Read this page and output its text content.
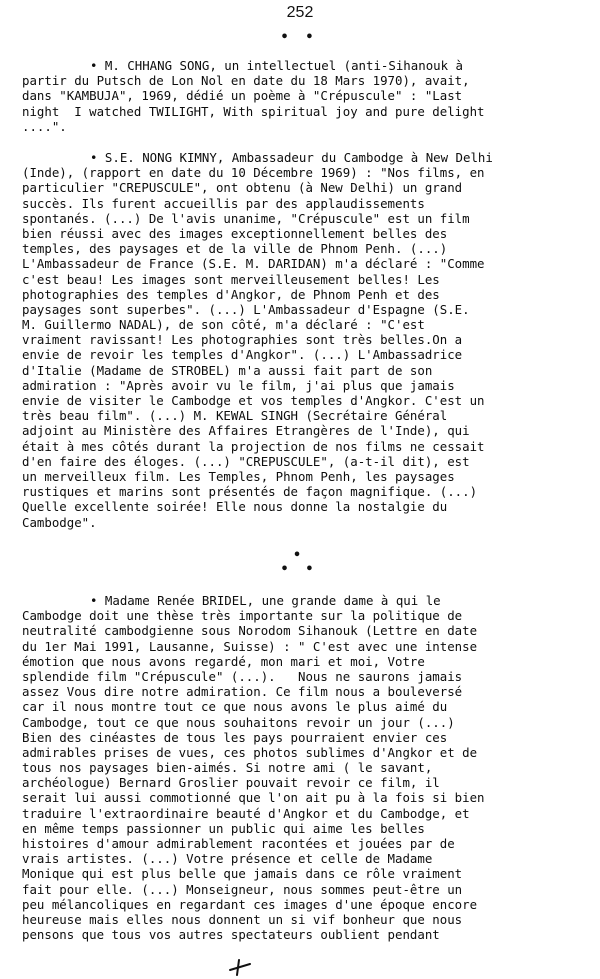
252
• •
• M. CHHANG SONG, un intellectuel (anti-Sihanouk à
partir du Putsch de Lon Nol en date du 18 Mars 1970), avait,
dans "KAMBUJA", 1969, dédié un poème à "Crépuscule" : "Last
night  I watched TWILIGHT, With spiritual joy and pure delight
....".
• S.E. NONG KIMNY, Ambassadeur du Cambodge à New Delhi
(Inde), (rapport en date du 10 Décembre 1969) : "Nos films, en
particulier "CREPUSCULE", ont obtenu (à New Delhi) un grand
succès. Ils furent accueillis par des applaudissements
spontanés. (...) De l'avis unanime, "Crépuscule" est un film
bien réussi avec des images exceptionnellement belles des
temples, des paysages et de la ville de Phnom Penh. (...)
L'Ambassadeur de France (S.E. M. DARIDAN) m'a déclaré : "Comme
c'est beau! Les images sont merveilleusement belles! Les
photographies des temples d'Angkor, de Phnom Penh et des
paysages sont superbes". (...) L'Ambassadeur d'Espagne (S.E.
M. Guillermo NADAL), de son côté, m'a déclaré : "C'est
vraiment ravissant! Les photographies sont très belles.On a
envie de revoir les temples d'Angkor". (...) L'Ambassadrice
d'Italie (Madame de STROBEL) m'a aussi fait part de son
admiration : "Après avoir vu le film, j'ai plus que jamais
envie de visiter le Cambodge et vos temples d'Angkor. C'est un
très beau film". (...) M. KEWAL SINGH (Secrétaire Général
adjoint au Ministère des Affaires Etrangères de l'Inde), qui
était à mes côtés durant la projection de nos films ne cessait
d'en faire des éloges. (...) "CREPUSCULE", (a-t-il dit), est
un merveilleux film. Les Temples, Phnom Penh, les paysages
rustiques et marins sont présentés de façon magnifique. (...)
Quelle excellente soirée! Elle nous donne la nostalgie du
Cambodge".
•
• •
• Madame Renée BRIDEL, une grande dame à qui le
Cambodge doit une thèse très importante sur la politique de
neutralité cambodgienne sous Norodom Sihanouk (Lettre en date
du 1er Mai 1991, Lausanne, Suisse) : " C'est avec une intense
émotion que nous avons regardé, mon mari et moi, Votre
splendide film "Crépuscule" (...).   Nous ne saurons jamais
assez Vous dire notre admiration. Ce film nous a bouleversé
car il nous montre tout ce que nous avons le plus aimé du
Cambodge, tout ce que nous souhaitons revoir un jour (...)
Bien des cinéastes de tous les pays pourraient envier ces
admirables prises de vues, ces photos sublimes d'Angkor et de
tous nos paysages bien-aimés. Si notre ami ( le savant,
archéologue) Bernard Groslier pouvait revoir ce film, il
serait lui aussi commotionné que l'on ait pu à la fois si bien
traduire l'extraordinaire beauté d'Angkor et du Cambodge, et
en même temps passionner un public qui aime les belles
histoires d'amour admirablement racontées et jouées par de
vrais artistes. (...) Votre présence et celle de Madame
Monique qui est plus belle que jamais dans ce rôle vraiment
fait pour elle. (...) Monseigneur, nous sommes peut-être un
peu mélancoliques en regardant ces images d'une époque encore
heureuse mais elles nous donnent un si vif bonheur que nous
pensons que tous vos autres spectateurs oublient pendant
